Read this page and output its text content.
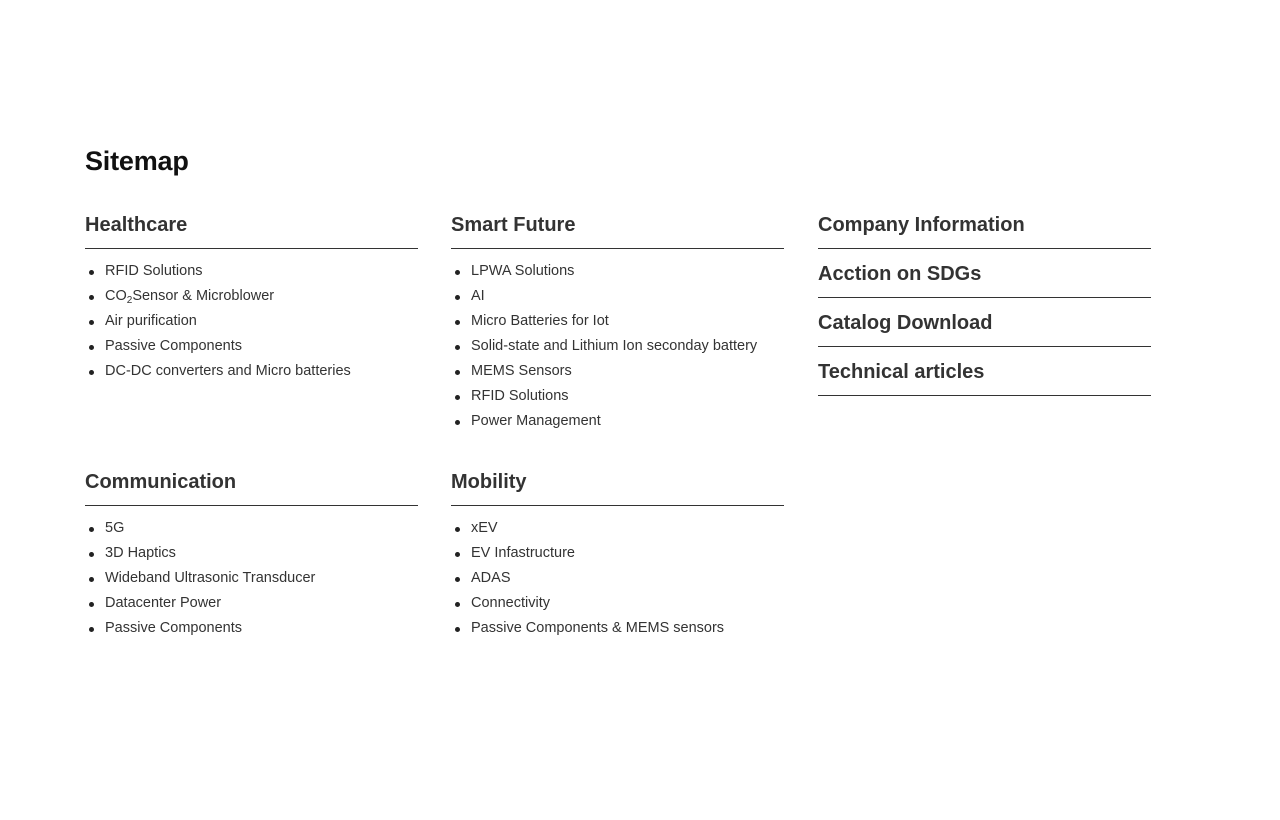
Sitemap
Healthcare
RFID Solutions
$CO_2Sensor$ & Microblower
Air purification
Passive Components
DC-DC converters and Micro batteries
Smart Future
LPWA Solutions
AI
Micro Batteries for Iot
Solid-state and Lithium Ion seconday battery
MEMS Sensors
RFID Solutions
Power Management
Company Information
Acction on SDGs
Catalog Download
Technical articles
Communication
5G
3D Haptics
Wideband Ultrasonic Transducer
Datacenter Power
Passive Components
Mobility
xEV
EV Infastructure
ADAS
Connectivity
Passive Components & MEMS sensors
